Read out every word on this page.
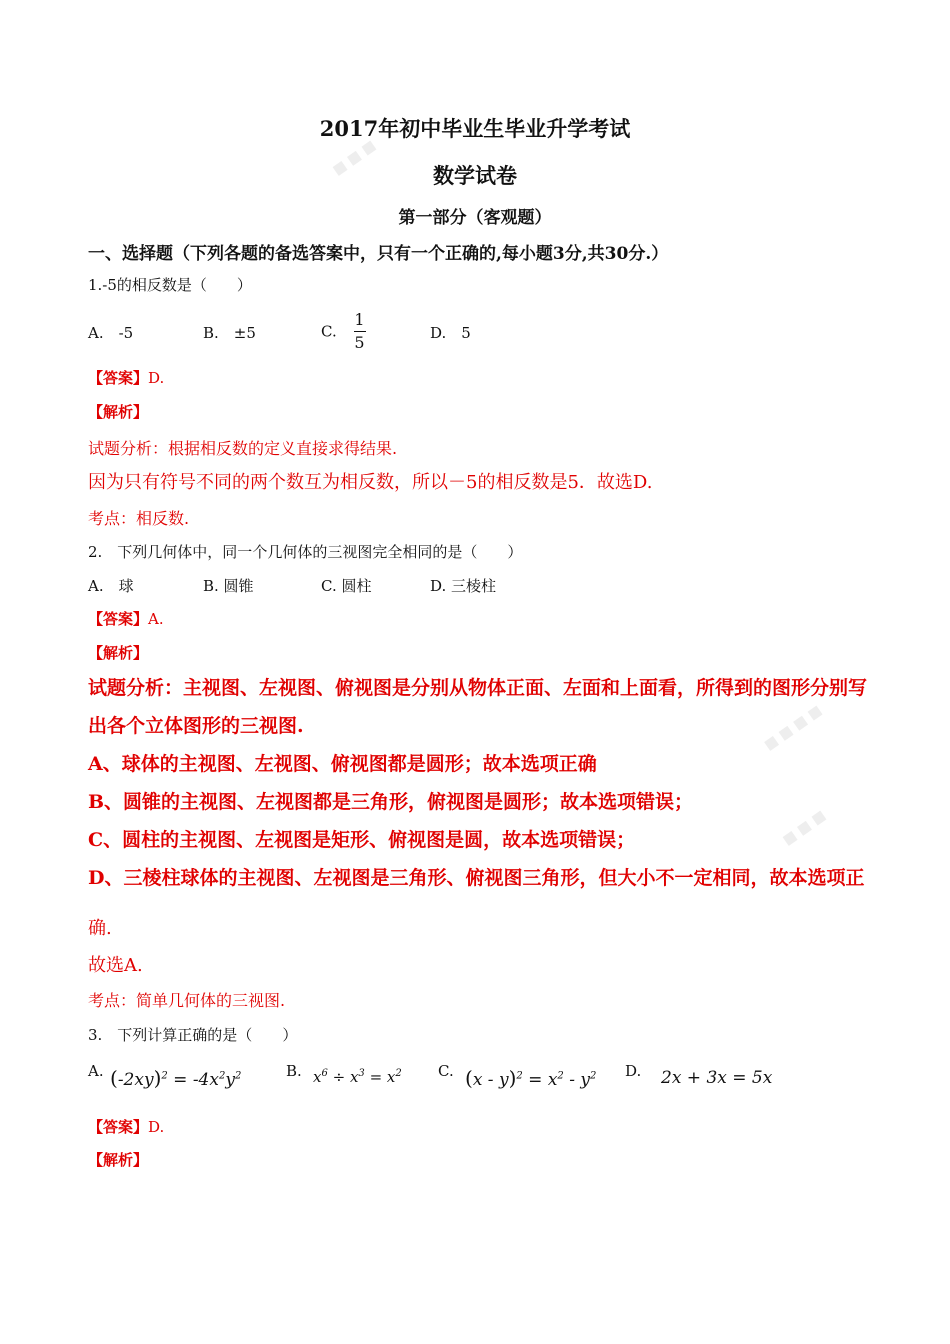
■ ■ ■
■ ■ ■ ■
■ ■ ■
2017年初中毕业生毕业升学考试
数学试卷
第一部分（客观题）
一、选择题（下列各题的备选答案中，只有一个正确的,每小题3分,共30分.）
1.-5的相反数是（　　）
A.　-5	B.　±5	C. $\frac{1}{5}$	D.　5
【答案】D.
【解析】
试题分析：根据相反数的定义直接求得结果.
因为只有符号不同的两个数互为相反数，所以－5的相反数是5．故选D.
考点：相反数.
2.　下列几何体中，同一个几何体的三视图完全相同的是（　　）
A.　球	B. 圆锥	C. 圆柱	D. 三棱柱
【答案】A.
【解析】
试题分析：主视图、左视图、俯视图是分别从物体正面、左面和上面看，所得到的图形分别写
出各个立体图形的三视图.
A、球体的主视图、左视图、俯视图都是圆形；故本选项正确
B、圆锥的主视图、左视图都是三角形，俯视图是圆形；故本选项错误；
C、圆柱的主视图、左视图是矩形、俯视图是圆，故本选项错误；
D、三棱柱球体的主视图、左视图是三角形、俯视图三角形，但大小不一定相同，故本选项正
确.
故选A.
考点：简单几何体的三视图.
3.　下列计算正确的是（　　）
A. $(-2xy)^2 = -4x^2y^2$	B. $x^6 \div x^3 = x^2$ C. $(x - y)^2 = x^2 - y^2$ D. 2x + 3x = 5x
【答案】D.
【解析】
